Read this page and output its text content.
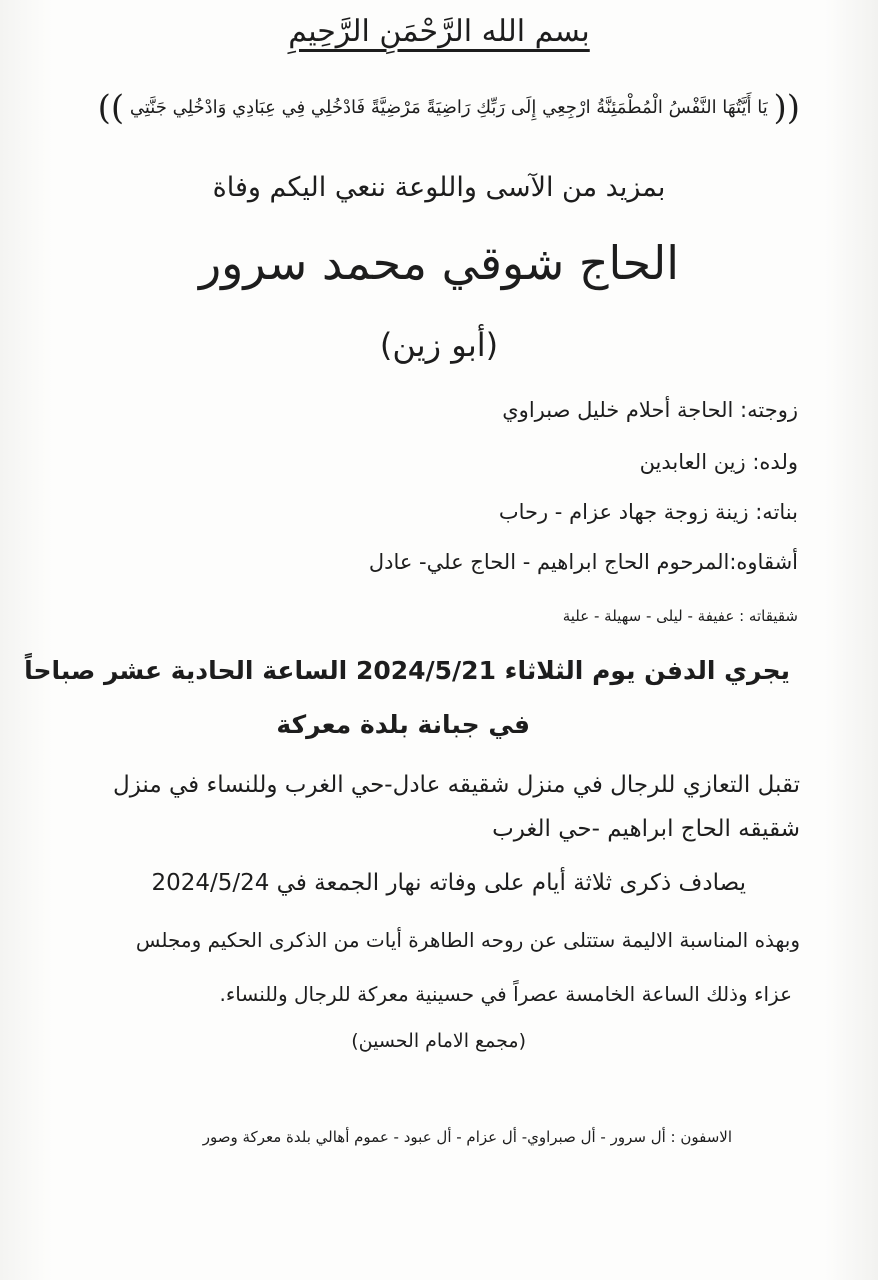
بسم الله الرَّحْمَنِ الرَّحِيمِ
(( يَا أَيَّتُهَا النَّفْسُ الْمُطْمَئِنَّةُ ارْجِعِي إِلَى رَبِّكِ رَاضِيَةً مَرْضِيَّةً فَادْخُلِي فِي عِبَادِي وَادْخُلِي جَنَّتِي ))
بمزيد من الآسى واللوعة ننعي اليكم وفاة
الحاج شوقي محمد سرور
(أبو زين)
زوجته: الحاجة أحلام خليل صبراوي
ولده: زين العابدين
بناته: زينة زوجة جهاد عزام - رحاب
أشقاوه:المرحوم الحاج ابراهيم - الحاج علي- عادل
شقيقاته : عفيفة - ليلى - سهيلة - علية
يجري الدفن يوم الثلاثاء 2024/5/21 الساعة الحادية عشر صباحاً
في جبانة بلدة معركة
تقبل التعازي للرجال في منزل شقيقه عادل-حي الغرب وللنساء في منزل
شقيقه الحاج ابراهيم -حي الغرب
يصادف ذكرى ثلاثة أيام على وفاته نهار الجمعة في 2024/5/24
وبهذه المناسبة الاليمة ستتلى عن روحه الطاهرة أيات من الذكرى الحكيم ومجلس
عزاء وذلك الساعة الخامسة عصراً في حسينية معركة للرجال وللنساء.
(مجمع الامام الحسين)
الاسفون : أل سرور - أل صبراوي- أل عزام - أل عبود - عموم أهالي بلدة معركة وصور
